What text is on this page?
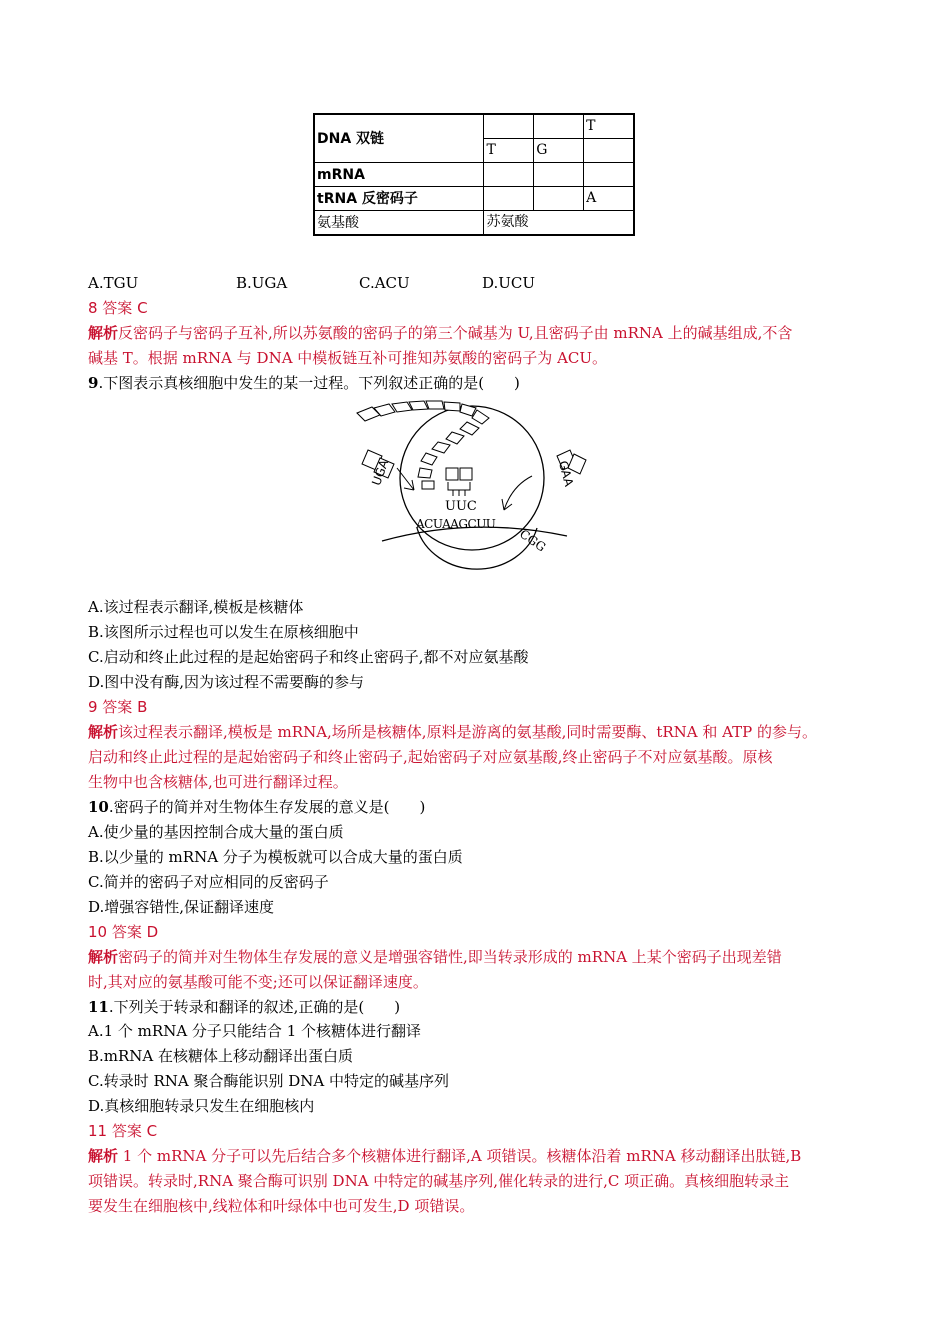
DNA 双链			T
	T	G	
mRNA			
tRNA 反密码子			A
氨基酸	苏氨酸		
A.TGU	B.UGA	C.ACU	D.UCU
8 答案 C
解析反密码子与密码子互补,所以苏氨酸的密码子的第三个碱基为 U,且密码子由 mRNA 上的碱基组成,不含
碱基 T。根据 mRNA 与 DNA 中模板链互补可推知苏氨酸的密码子为 ACU。
9.下图表示真核细胞中发生的某一过程。下列叙述正确的是(　　)
UGA	GAA
UUC
ACUAAGCUU
CGG
A.该过程表示翻译,模板是核糖体
B.该图所示过程也可以发生在原核细胞中
C.启动和终止此过程的是起始密码子和终止密码子,都不对应氨基酸
D.图中没有酶,因为该过程不需要酶的参与
9 答案 B
解析该过程表示翻译,模板是 mRNA,场所是核糖体,原料是游离的氨基酸,同时需要酶、tRNA 和 ATP 的参与。
启动和终止此过程的是起始密码子和终止密码子,起始密码子对应氨基酸,终止密码子不对应氨基酸。原核
生物中也含核糖体,也可进行翻译过程。
10.密码子的简并对生物体生存发展的意义是(　　)
A.使少量的基因控制合成大量的蛋白质
B.以少量的 mRNA 分子为模板就可以合成大量的蛋白质
C.简并的密码子对应相同的反密码子
D.增强容错性,保证翻译速度
10 答案 D
解析密码子的简并对生物体生存发展的意义是增强容错性,即当转录形成的 mRNA 上某个密码子出现差错
时,其对应的氨基酸可能不变;还可以保证翻译速度。
11.下列关于转录和翻译的叙述,正确的是(　　)
A.1 个 mRNA 分子只能结合 1 个核糖体进行翻译
B.mRNA 在核糖体上移动翻译出蛋白质
C.转录时 RNA 聚合酶能识别 DNA 中特定的碱基序列
D.真核细胞转录只发生在细胞核内
11 答案 C
解析 1 个 mRNA 分子可以先后结合多个核糖体进行翻译,A 项错误。核糖体沿着 mRNA 移动翻译出肽链,B
项错误。转录时,RNA 聚合酶可识别 DNA 中特定的碱基序列,催化转录的进行,C 项正确。真核细胞转录主
要发生在细胞核中,线粒体和叶绿体中也可发生,D 项错误。
